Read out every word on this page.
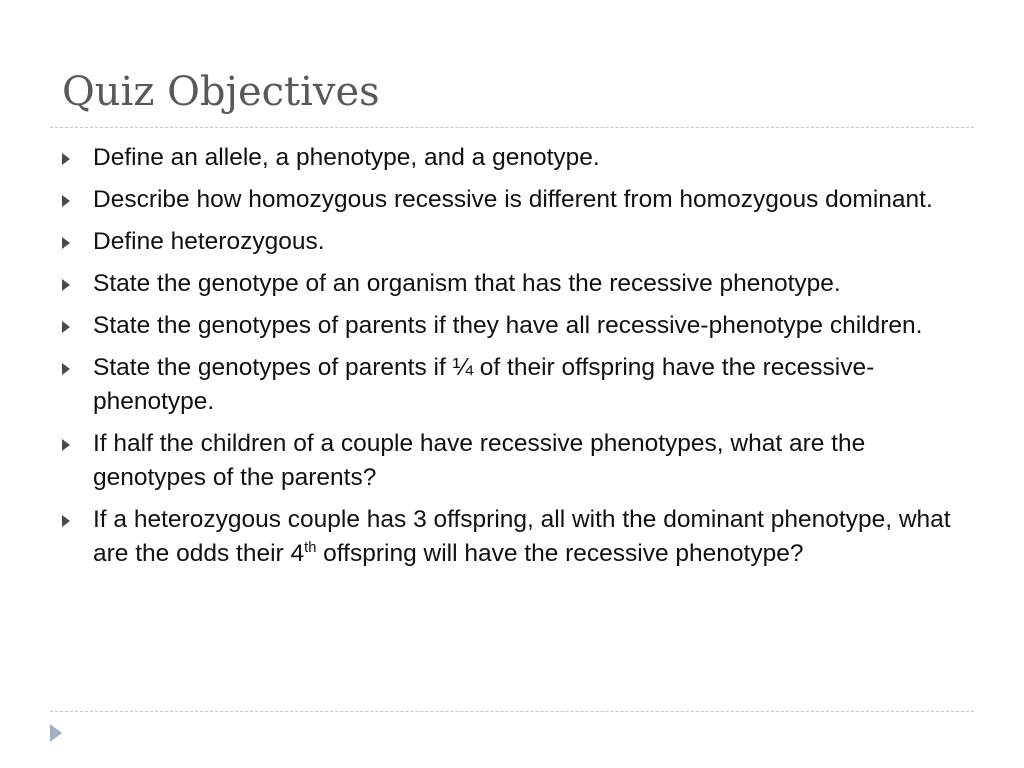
Quiz Objectives
Define an allele, a phenotype, and a genotype.
Describe how homozygous recessive is different from homozygous dominant.
Define heterozygous.
State the genotype of an organism that has the recessive phenotype.
State the genotypes of parents if they have all recessive-phenotype children.
State the genotypes of parents if ¼ of their offspring have the recessive-phenotype.
If half the children of a couple have recessive phenotypes, what are the genotypes of the parents?
If a heterozygous couple has 3 offspring, all with the dominant phenotype, what are the odds their 4th offspring will have the recessive phenotype?
